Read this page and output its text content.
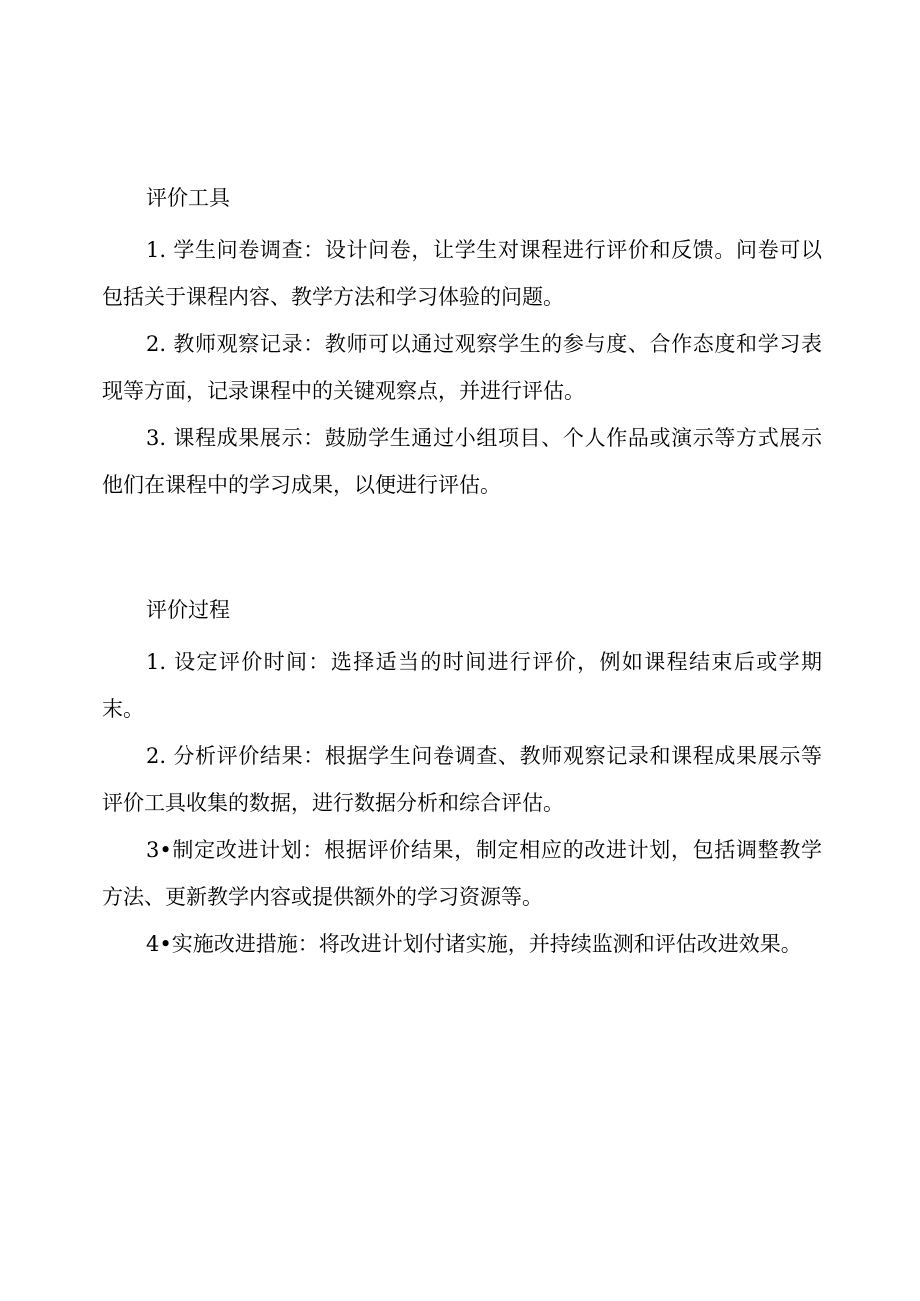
评价工具

1. 学生问卷调查：设计问卷，让学生对课程进行评价和反馈。问卷可以包括关于课程内容、教学方法和学习体验的问题。

2. 教师观察记录：教师可以通过观察学生的参与度、合作态度和学习表现等方面，记录课程中的关键观察点，并进行评估。

3. 课程成果展示：鼓励学生通过小组项目、个人作品或演示等方式展示他们在课程中的学习成果，以便进行评估。

评价过程

1. 设定评价时间：选择适当的时间进行评价，例如课程结束后或学期末。

2. 分析评价结果：根据学生问卷调查、教师观察记录和课程成果展示等评价工具收集的数据，进行数据分析和综合评估。

3•制定改进计划：根据评价结果，制定相应的改进计划，包括调整教学方法、更新教学内容或提供额外的学习资源等。

4•实施改进措施：将改进计划付诸实施，并持续监测和评估改进效果。
